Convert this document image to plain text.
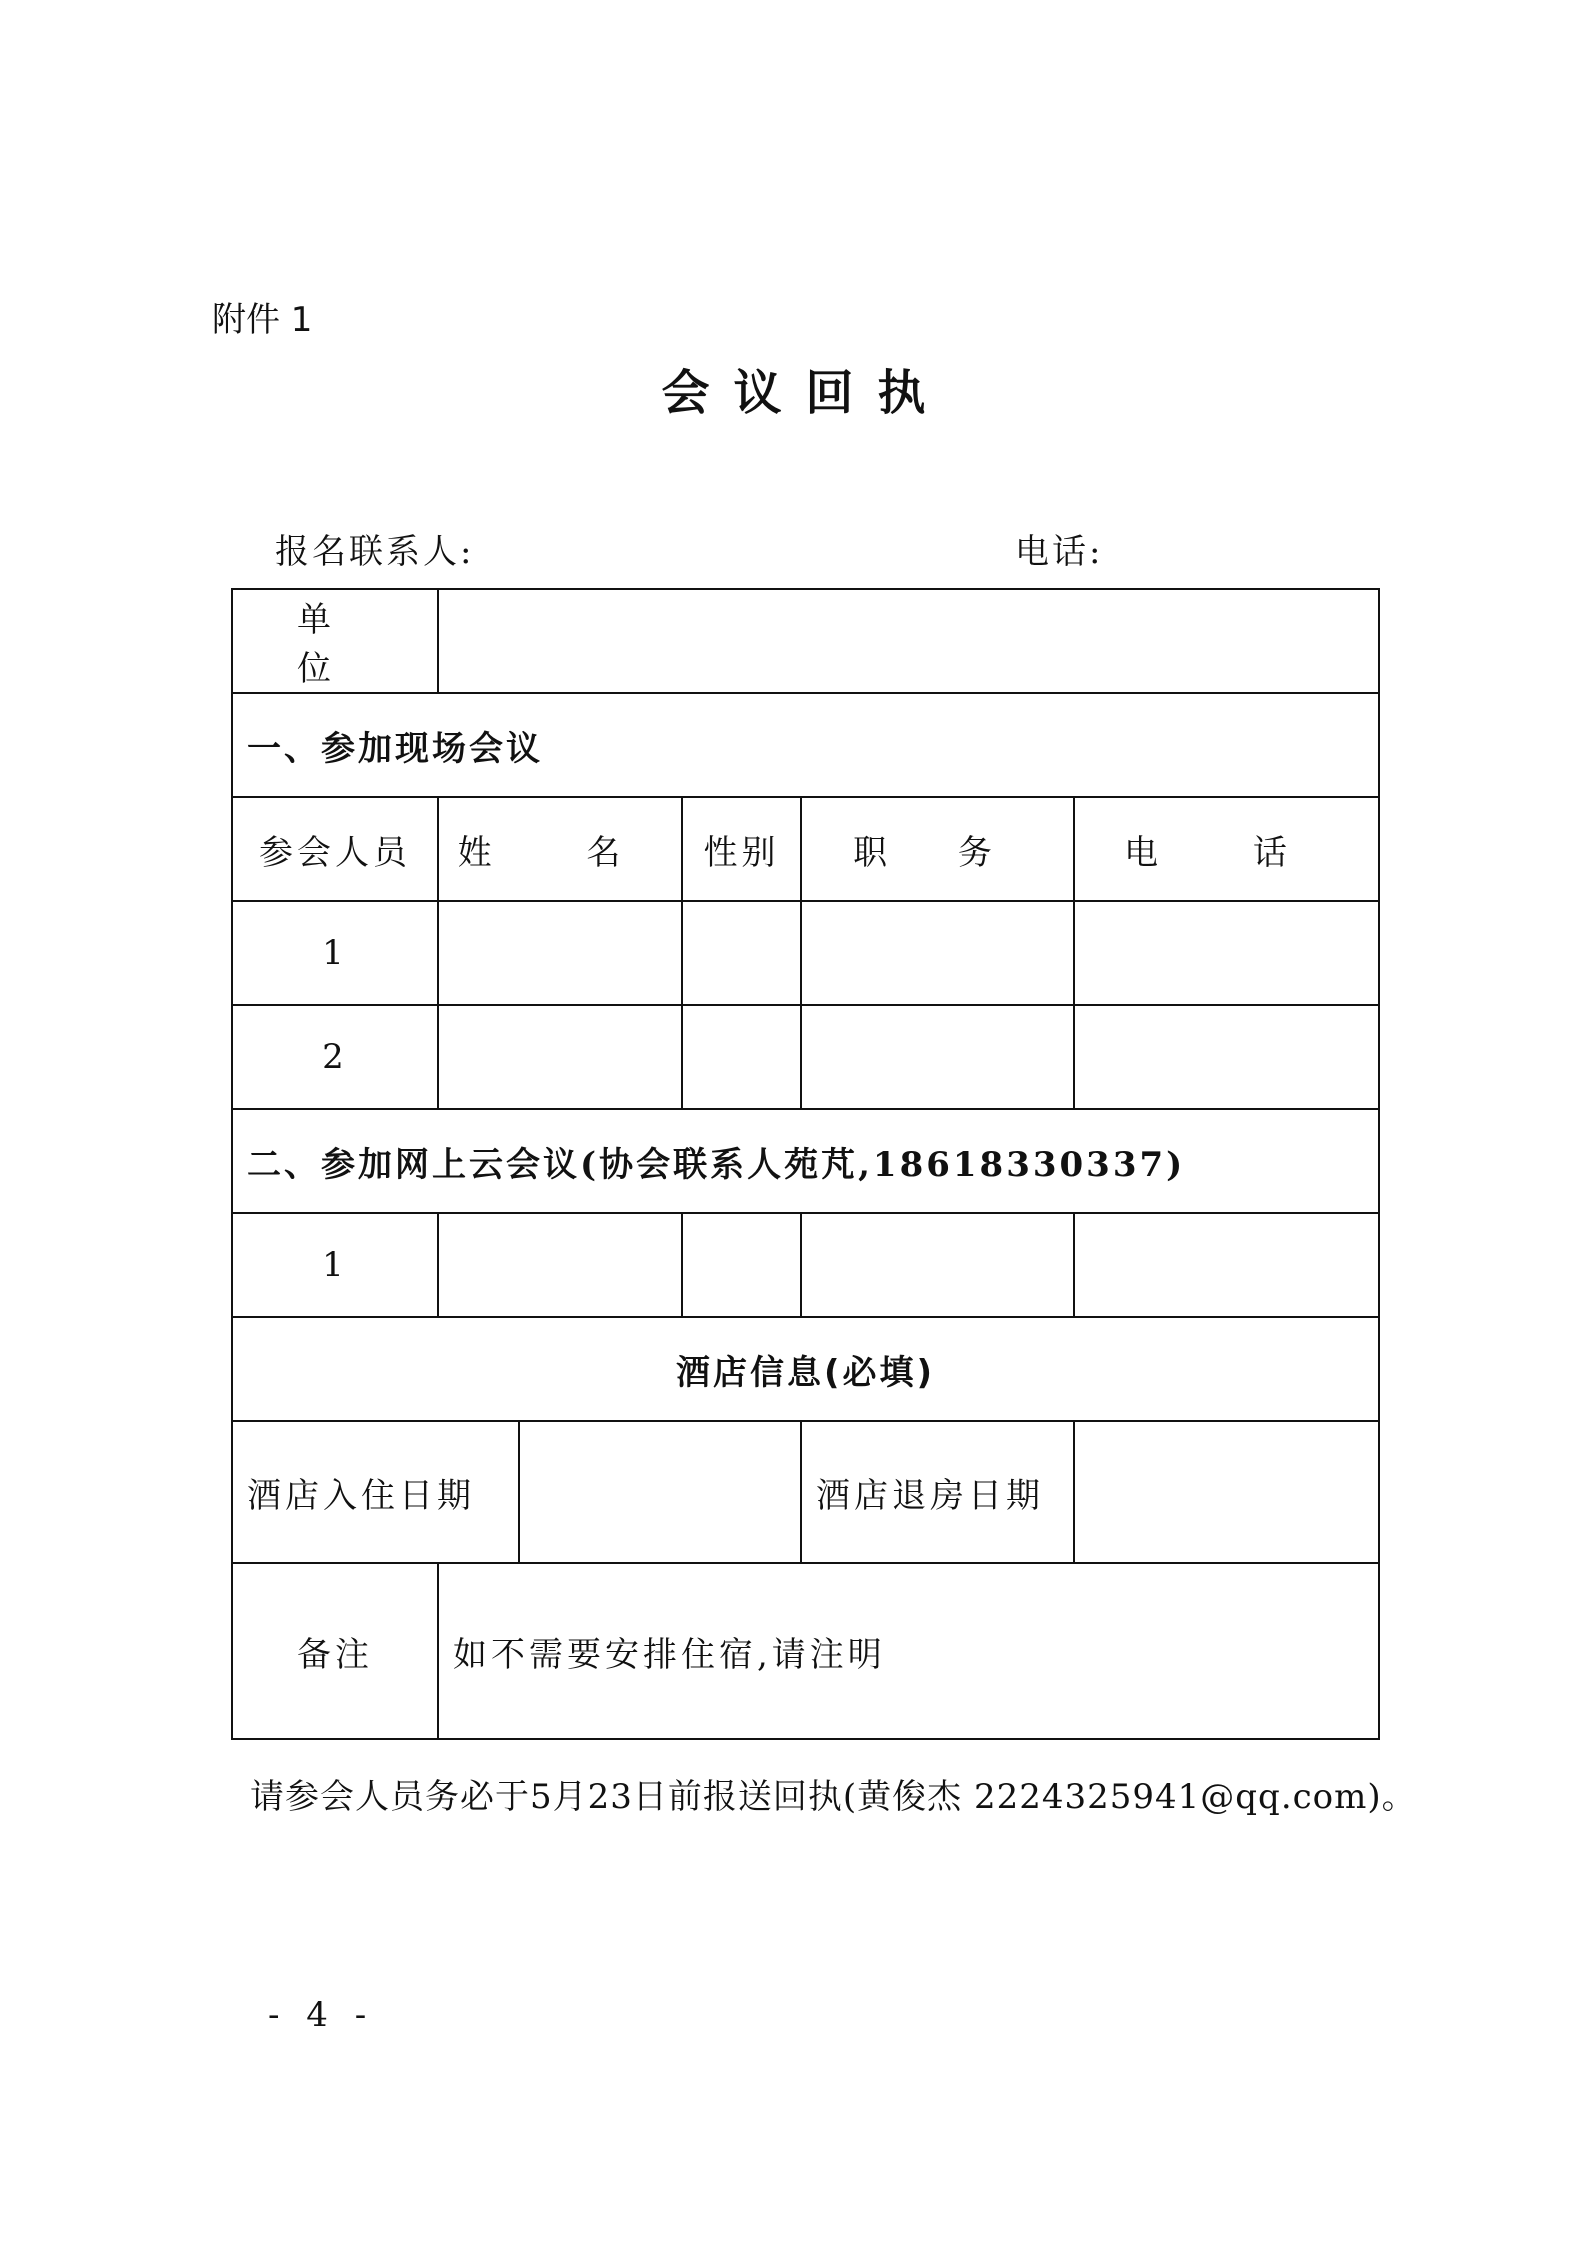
附件 1
会议回执
报名联系人:	电话:
单 位					
一、参加现场会议					
参会人员	姓 名		性别	职 务	电 话
1					
2					
二、参加网上云会议(协会联系人苑芃,18618330337)					
1					
酒店信息(必填)					
酒店入住日期				酒店退房日期	
备注	如不需要安排住宿,请注明				
请参会人员务必于5月23日前报送回执(黄俊杰 2224325941@qq.com)。
- 4 -
